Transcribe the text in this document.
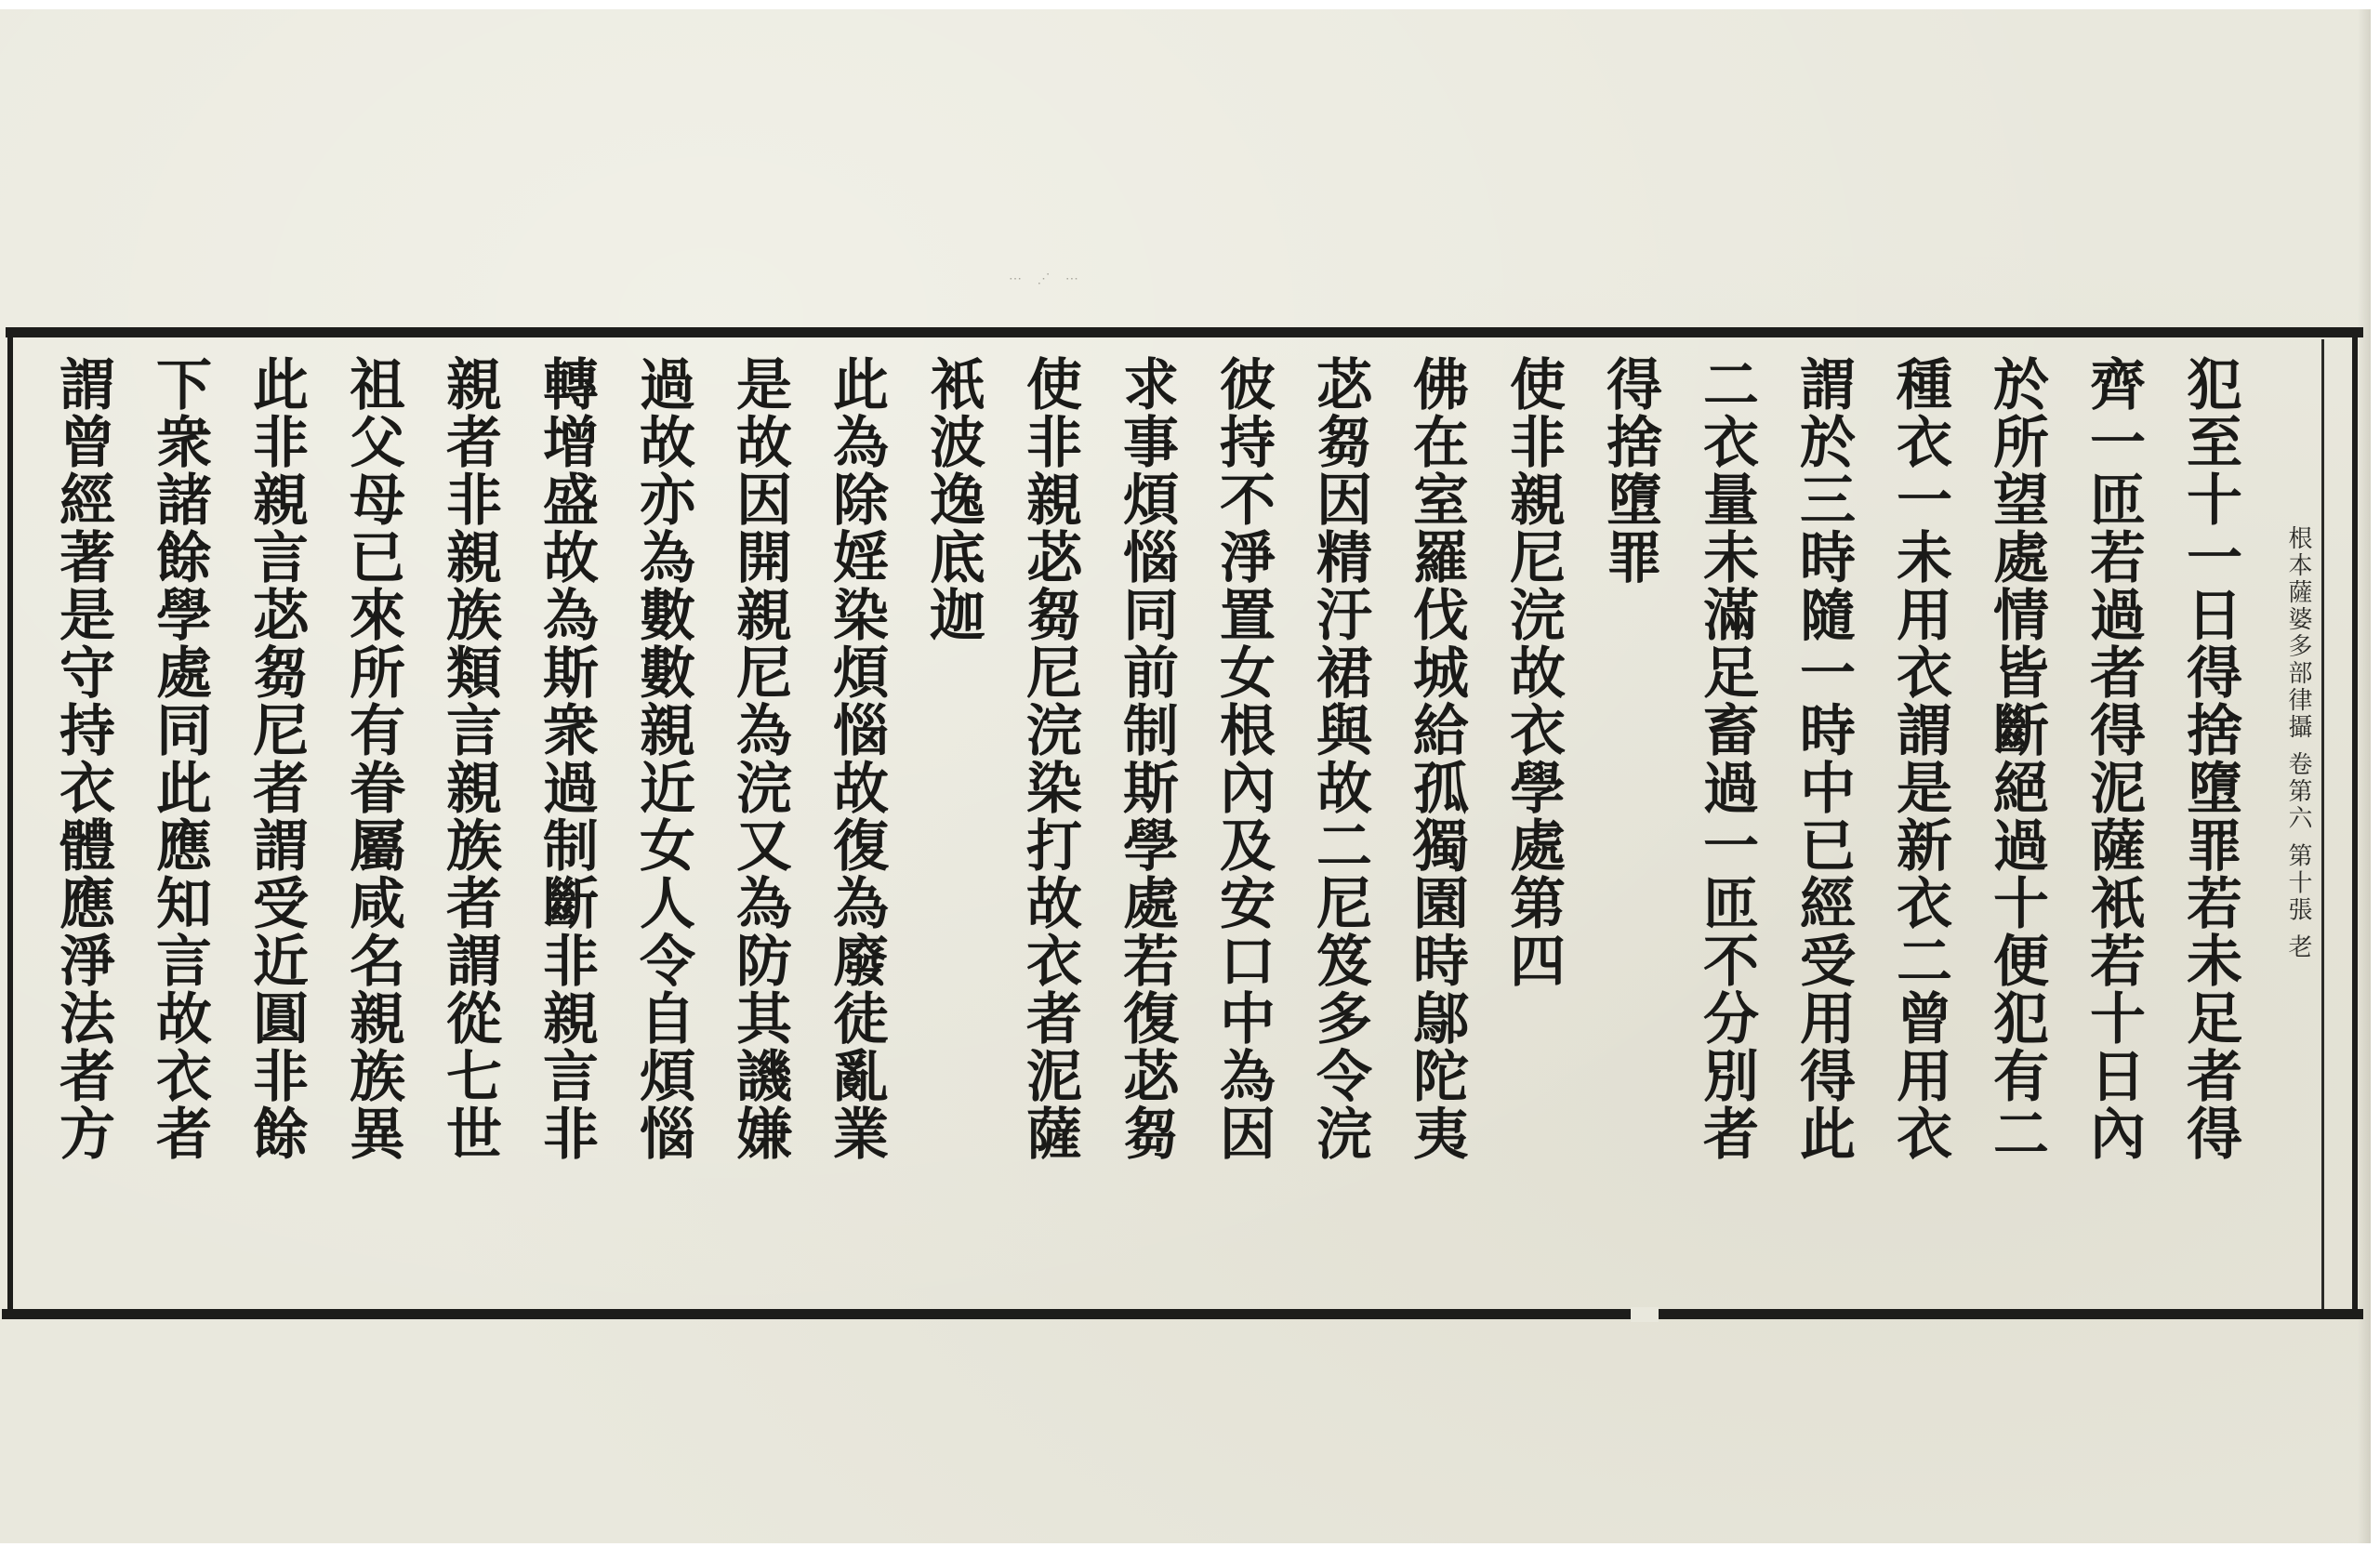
⋯ ⋰ ⋯
根本薩婆多部律攝 卷第六 第十張 老
犯至十一日得捨墮罪若未足者得
齊一匝若過者得泥薩衹若十日內
於所望處情皆斷絕過十便犯有二
種衣一未用衣謂是新衣二曾用衣
謂於三時隨一時中已經受用得此
二衣量未滿足畜過一匝不分別者
得捨墮罪
使非親尼浣故衣學處第四
佛在室羅伐城給孤獨園時鄔陀夷
苾芻因精汙裙與故二尼笈多令浣
彼持不淨置女根內及安口中為因
求事煩惱同前制斯學處若復苾芻
使非親苾芻尼浣染打故衣者泥薩
衹波逸底迦
此為除婬染煩惱故復為廢徒亂業
是故因開親尼為浣又為防其譏嫌
過故亦為數數親近女人令自煩惱
轉增盛故為斯衆過制斷非親言非
親者非親族類言親族者謂從七世
祖父母已來所有眷屬咸名親族異
此非親言苾芻尼者謂受近圓非餘
下衆諸餘學處同此應知言故衣者
謂曾經著是守持衣體應淨法者方
